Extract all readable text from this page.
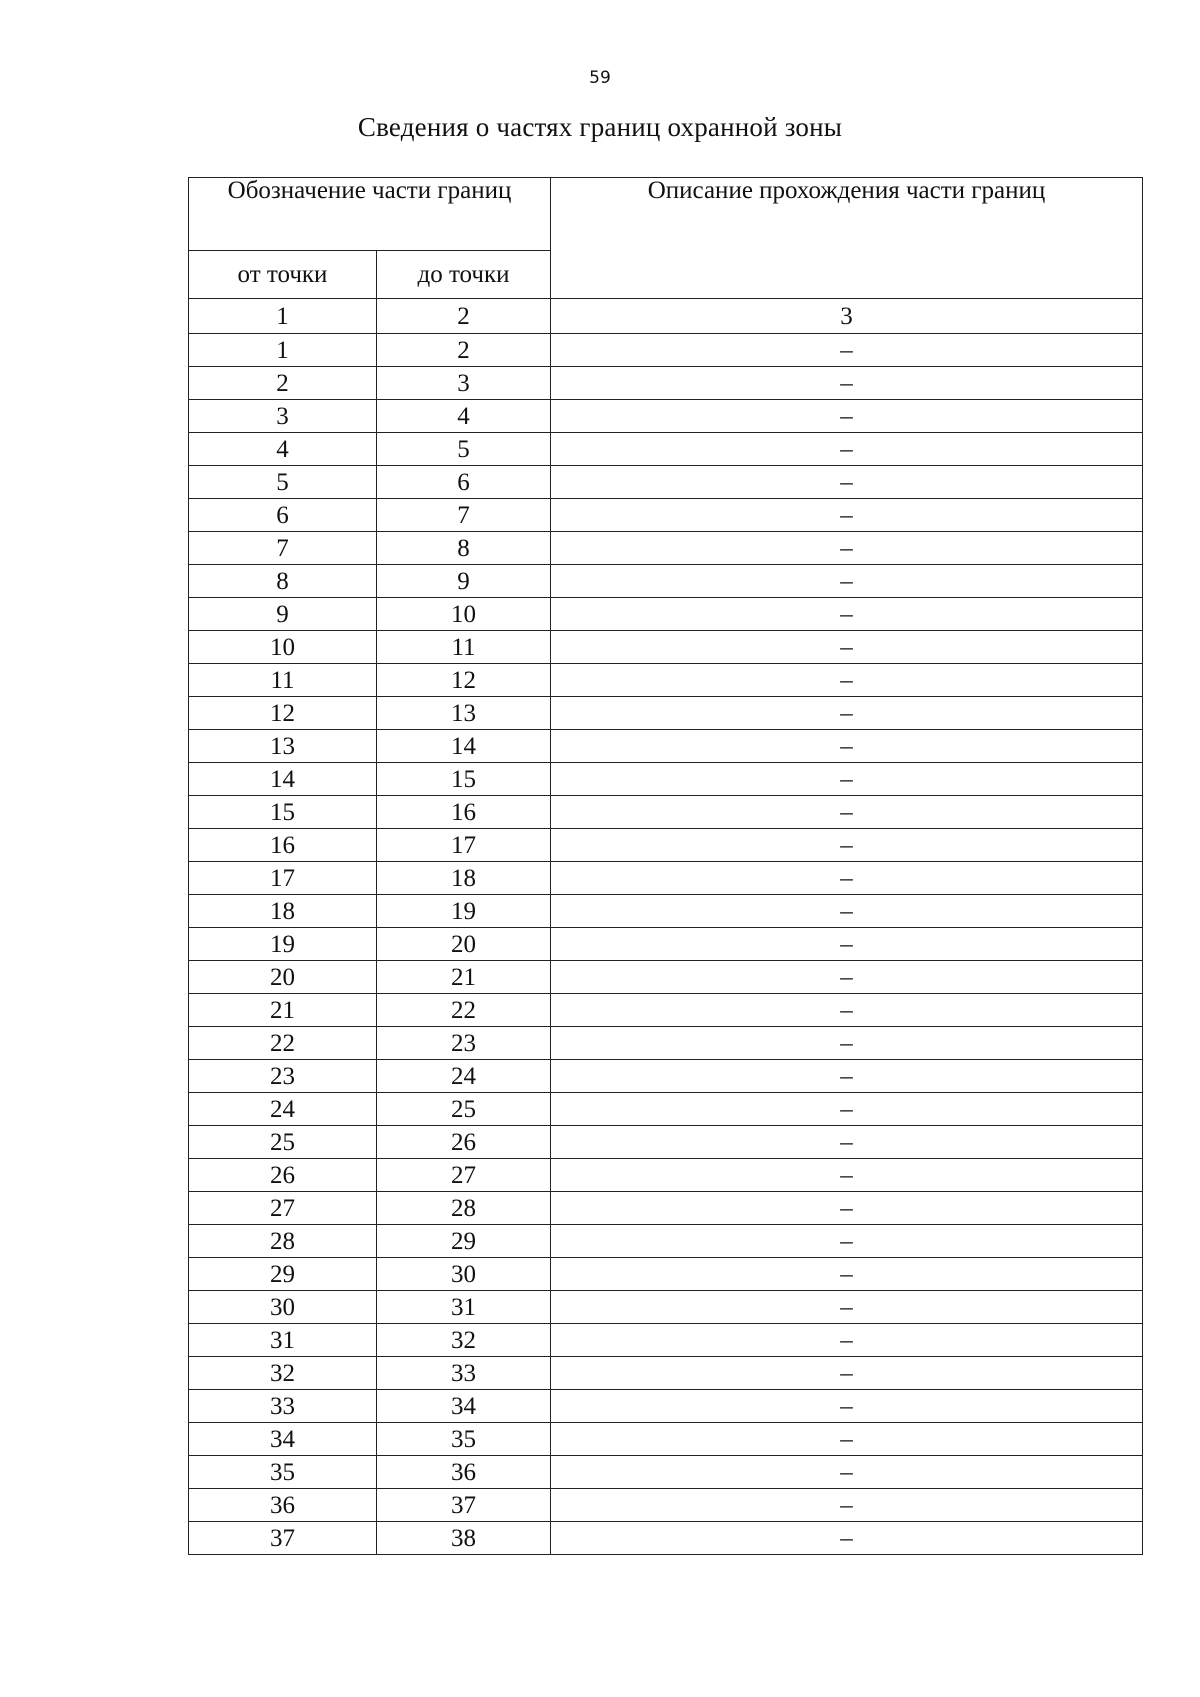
59
Сведения о частях границ охранной зоны
Обозначение части границ		Описание прохождения части границ
от точки	до точки	
1	2	3
1	2	–
2	3	–
3	4	–
4	5	–
5	6	–
6	7	–
7	8	–
8	9	–
9	10	–
10	11	–
11	12	–
12	13	–
13	14	–
14	15	–
15	16	–
16	17	–
17	18	–
18	19	–
19	20	–
20	21	–
21	22	–
22	23	–
23	24	–
24	25	–
25	26	–
26	27	–
27	28	–
28	29	–
29	30	–
30	31	–
31	32	–
32	33	–
33	34	–
34	35	–
35	36	–
36	37	–
37	38	–
